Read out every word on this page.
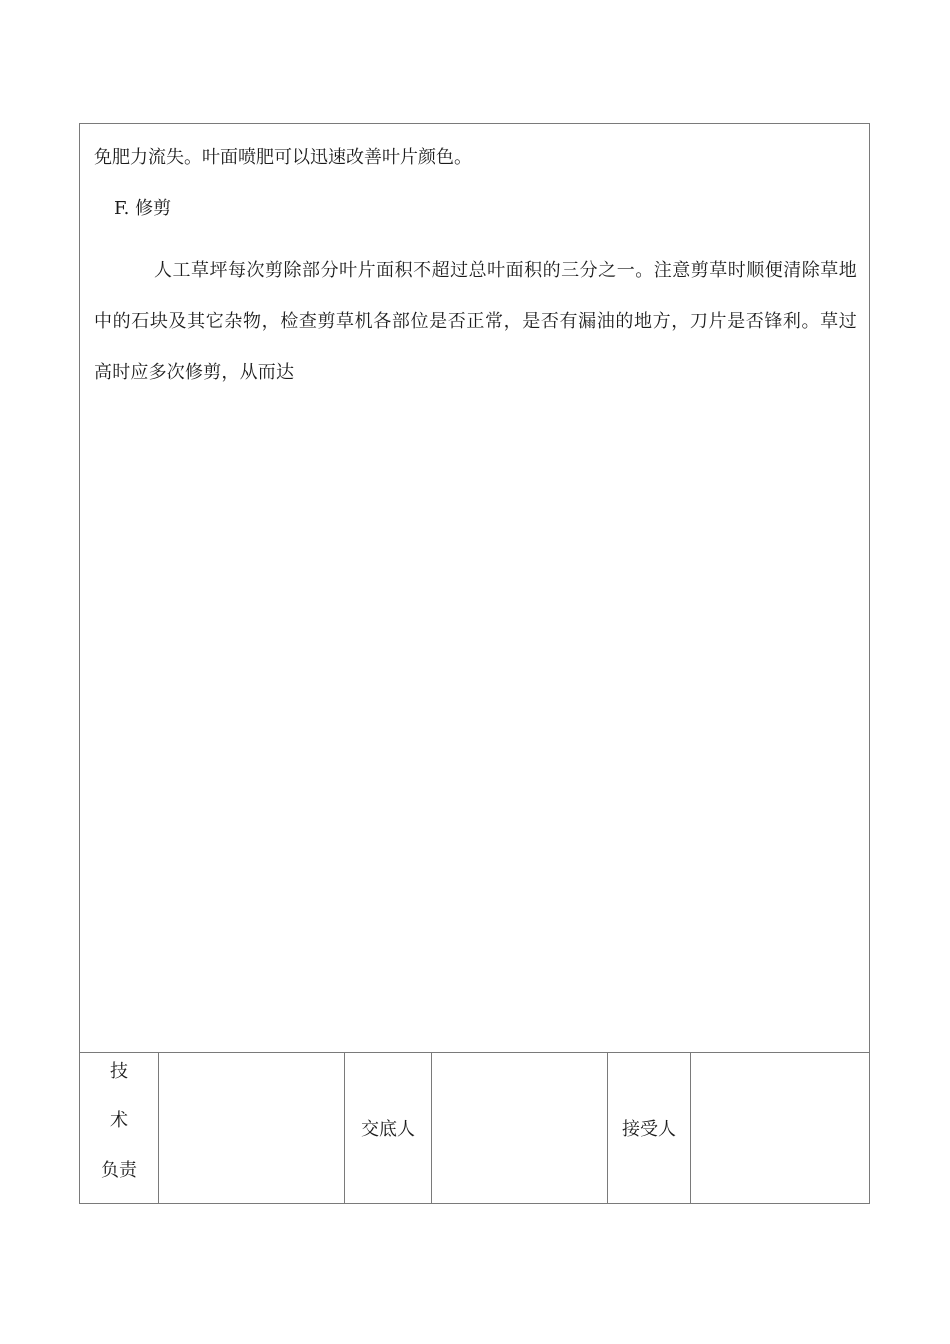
免肥力流失。叶面喷肥可以迅速改善叶片颜色。

F. 修剪

人工草坪每次剪除部分叶片面积不超过总叶面积的三分之一。注意剪草时顺便清除草地中的石块及其它杂物，检查剪草机各部位是否正常，是否有漏油的地方，刀片是否锋利。草过高时应多次修剪，从而达

技
术
负责
交底人	接受人
